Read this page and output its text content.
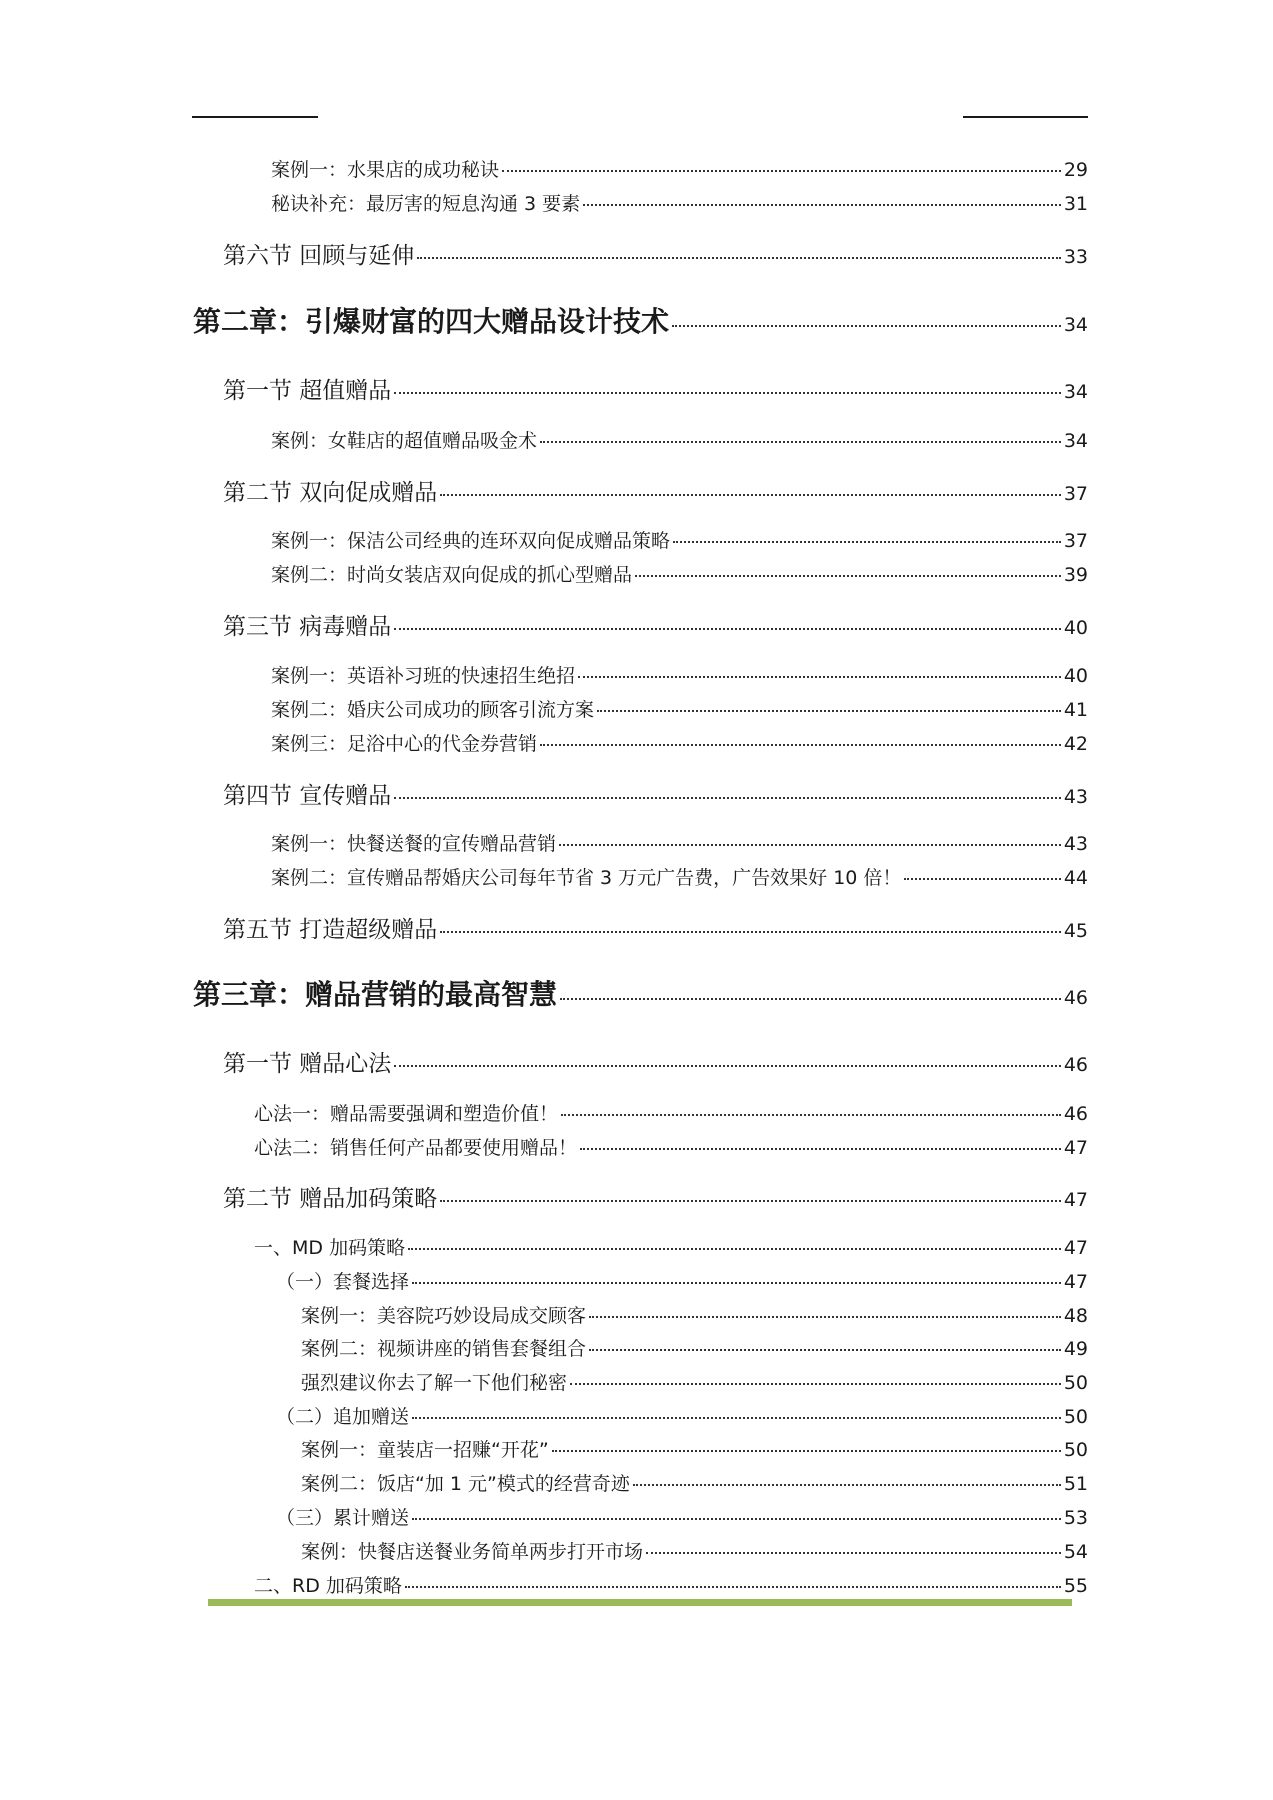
案例一：水果店的成功秘诀	29
秘诀补充：最厉害的短息沟通 3 要素	31
第六节 回顾与延伸	33
第二章：引爆财富的四大赠品设计技术	34
第一节 超值赠品	34
案例：女鞋店的超值赠品吸金术	34
第二节 双向促成赠品	37
案例一：保洁公司经典的连环双向促成赠品策略	37
案例二：时尚女装店双向促成的抓心型赠品	39
第三节 病毒赠品	40
案例一：英语补习班的快速招生绝招	40
案例二：婚庆公司成功的顾客引流方案	41
案例三：足浴中心的代金券营销	42
第四节 宣传赠品	43
案例一：快餐送餐的宣传赠品营销	43
案例二：宣传赠品帮婚庆公司每年节省 3 万元广告费，广告效果好 10 倍！	44
第五节 打造超级赠品	45
第三章：赠品营销的最高智慧	46
第一节 赠品心法	46
心法一：赠品需要强调和塑造价值！	46
心法二：销售任何产品都要使用赠品！	47
第二节 赠品加码策略	47
一、MD 加码策略	47
（一）套餐选择	47
案例一：美容院巧妙设局成交顾客	48
案例二：视频讲座的销售套餐组合	49
强烈建议你去了解一下他们秘密	50
（二）追加赠送	50
案例一：童装店一招赚“开花”	50
案例二：饭店“加 1 元”模式的经营奇迹	51
（三）累计赠送	53
案例：快餐店送餐业务简单两步打开市场	54
二、RD 加码策略	55
